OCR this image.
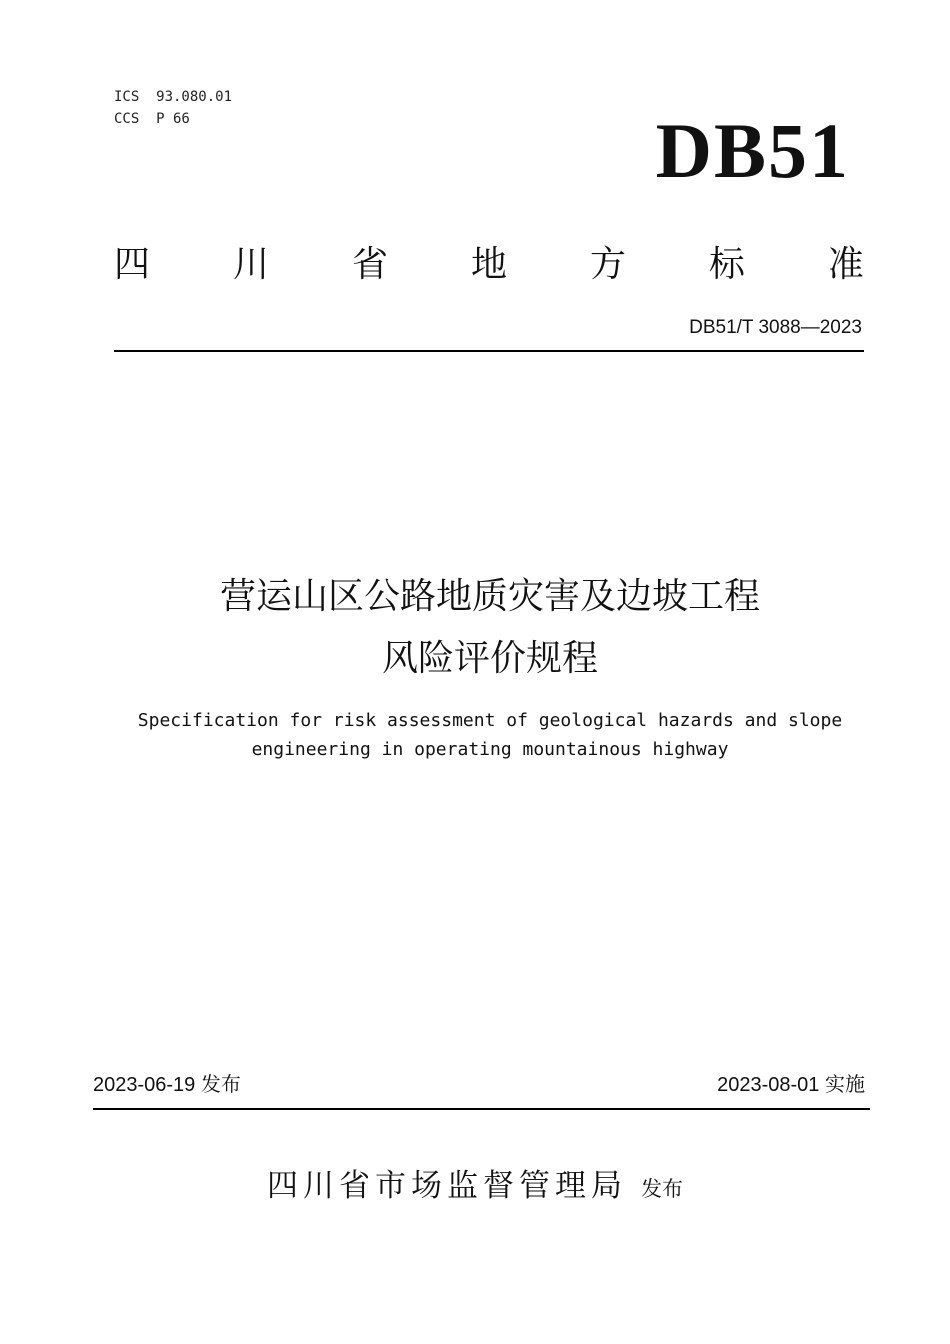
ICS  93.080.01
CCS  P 66	DB51
四 川 省 地 方 标 准
DB51/T 3088—2023
营运山区公路地质灾害及边坡工程
风险评价规程
Specification for risk assessment of geological hazards and slope
engineering in operating mountainous highway
2023-06-19 发布	2023-08-01 实施
四川省市场监督管理局 发布
